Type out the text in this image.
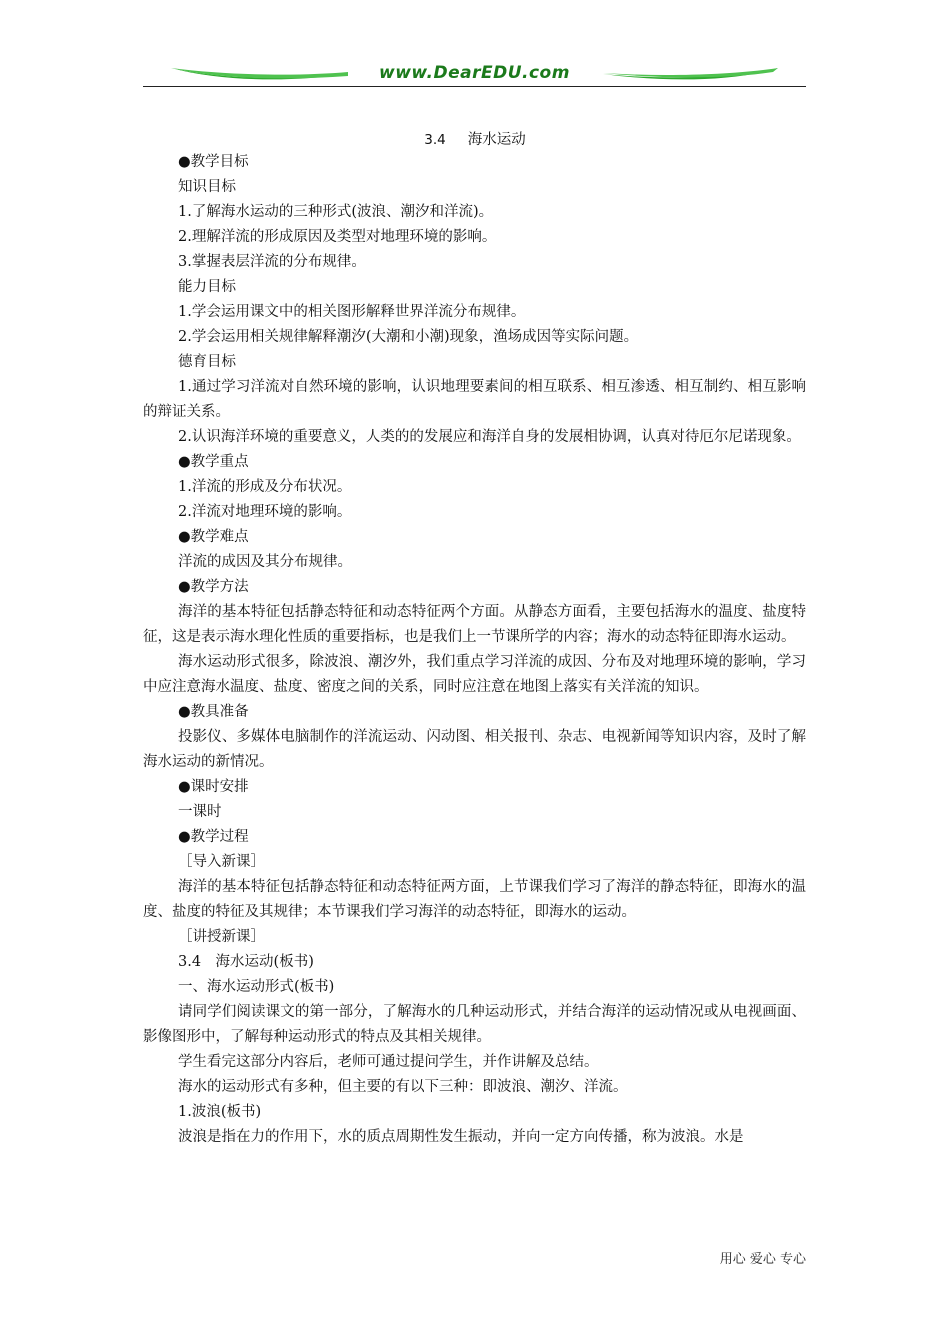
www.DearEDU.com
3.4 海水运动

●教学目标

知识目标

1.了解海水运动的三种形式(波浪、潮汐和洋流)。

2.理解洋流的形成原因及类型对地理环境的影响。

3.掌握表层洋流的分布规律。

能力目标

1.学会运用课文中的相关图形解释世界洋流分布规律。

2.学会运用相关规律解释潮汐(大潮和小潮)现象，渔场成因等实际问题。

德育目标

1.通过学习洋流对自然环境的影响，认识地理要素间的相互联系、相互渗透、相互制约、相互影响的辩证关系。

2.认识海洋环境的重要意义，人类的的发展应和海洋自身的发展相协调，认真对待厄尔尼诺现象。

●教学重点

1.洋流的形成及分布状况。

2.洋流对地理环境的影响。

●教学难点

洋流的成因及其分布规律。

●教学方法

海洋的基本特征包括静态特征和动态特征两个方面。从静态方面看，主要包括海水的温度、盐度特征，这是表示海水理化性质的重要指标，也是我们上一节课所学的内容；海水的动态特征即海水运动。

海水运动形式很多，除波浪、潮汐外，我们重点学习洋流的成因、分布及对地理环境的影响，学习中应注意海水温度、盐度、密度之间的关系，同时应注意在地图上落实有关洋流的知识。

●教具准备

投影仪、多媒体电脑制作的洋流运动、闪动图、相关报刊、杂志、电视新闻等知识内容，及时了解海水运动的新情况。

●课时安排

一课时

●教学过程

［导入新课］

海洋的基本特征包括静态特征和动态特征两方面，上节课我们学习了海洋的静态特征，即海水的温度、盐度的特征及其规律；本节课我们学习海洋的动态特征，即海水的运动。

［讲授新课］

3.4　海水运动(板书)

一、海水运动形式(板书)

请同学们阅读课文的第一部分，了解海水的几种运动形式，并结合海洋的运动情况或从电视画面、影像图形中，了解每种运动形式的特点及其相关规律。

学生看完这部分内容后，老师可通过提问学生，并作讲解及总结。

海水的运动形式有多种，但主要的有以下三种：即波浪、潮汐、洋流。

1.波浪(板书)

波浪是指在力的作用下，水的质点周期性发生振动，并向一定方向传播，称为波浪。水是

用心 爱心 专心
